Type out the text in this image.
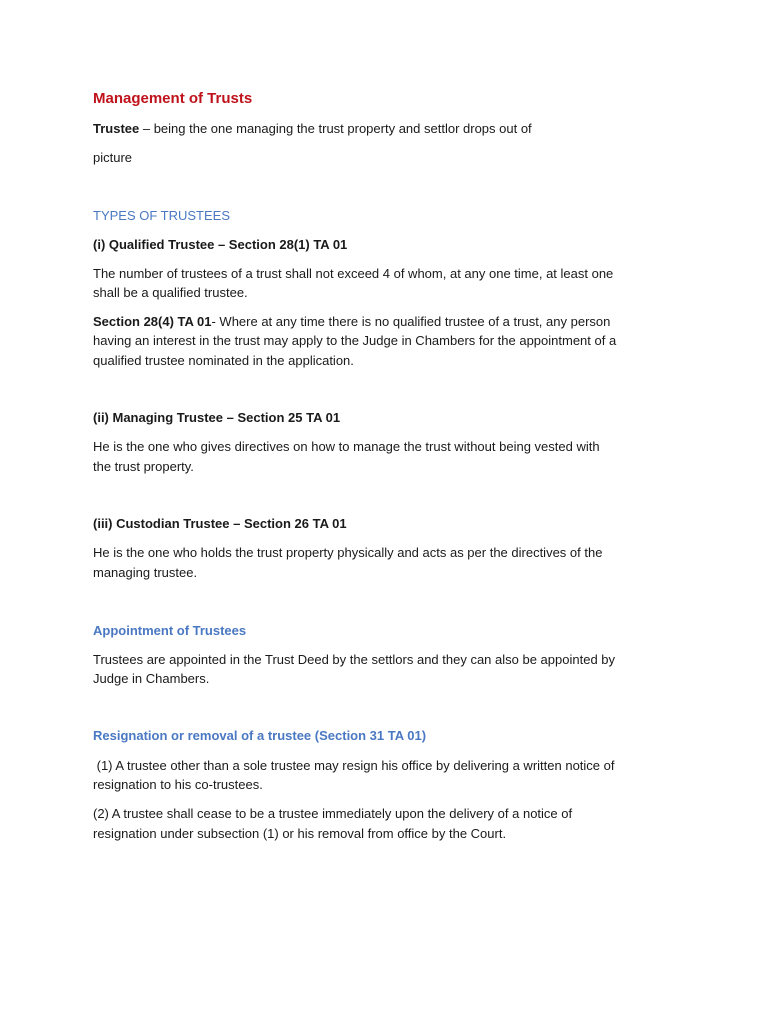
Management of Trusts
Trustee – being the one managing the trust property and settlor drops out of
picture
TYPES OF TRUSTEES
(i) Qualified Trustee – Section 28(1) TA 01
The number of trustees of a trust shall not exceed 4 of whom, at any one time, at least one
shall be a qualified trustee.
Section 28(4) TA 01- Where at any time there is no qualified trustee of a trust, any person
having an interest in the trust may apply to the Judge in Chambers for the appointment of a
qualified trustee nominated in the application.
(ii) Managing Trustee – Section 25 TA 01
He is the one who gives directives on how to manage the trust without being vested with
the trust property.
(iii) Custodian Trustee – Section 26 TA 01
He is the one who holds the trust property physically and acts as per the directives of the
managing trustee.
Appointment of Trustees
Trustees are appointed in the Trust Deed by the settlors and they can also be appointed by
Judge in Chambers.
Resignation or removal of a trustee (Section 31 TA 01)
(1) A trustee other than a sole trustee may resign his office by delivering a written notice of
resignation to his co-trustees.
(2) A trustee shall cease to be a trustee immediately upon the delivery of a notice of
resignation under subsection (1) or his removal from office by the Court.
